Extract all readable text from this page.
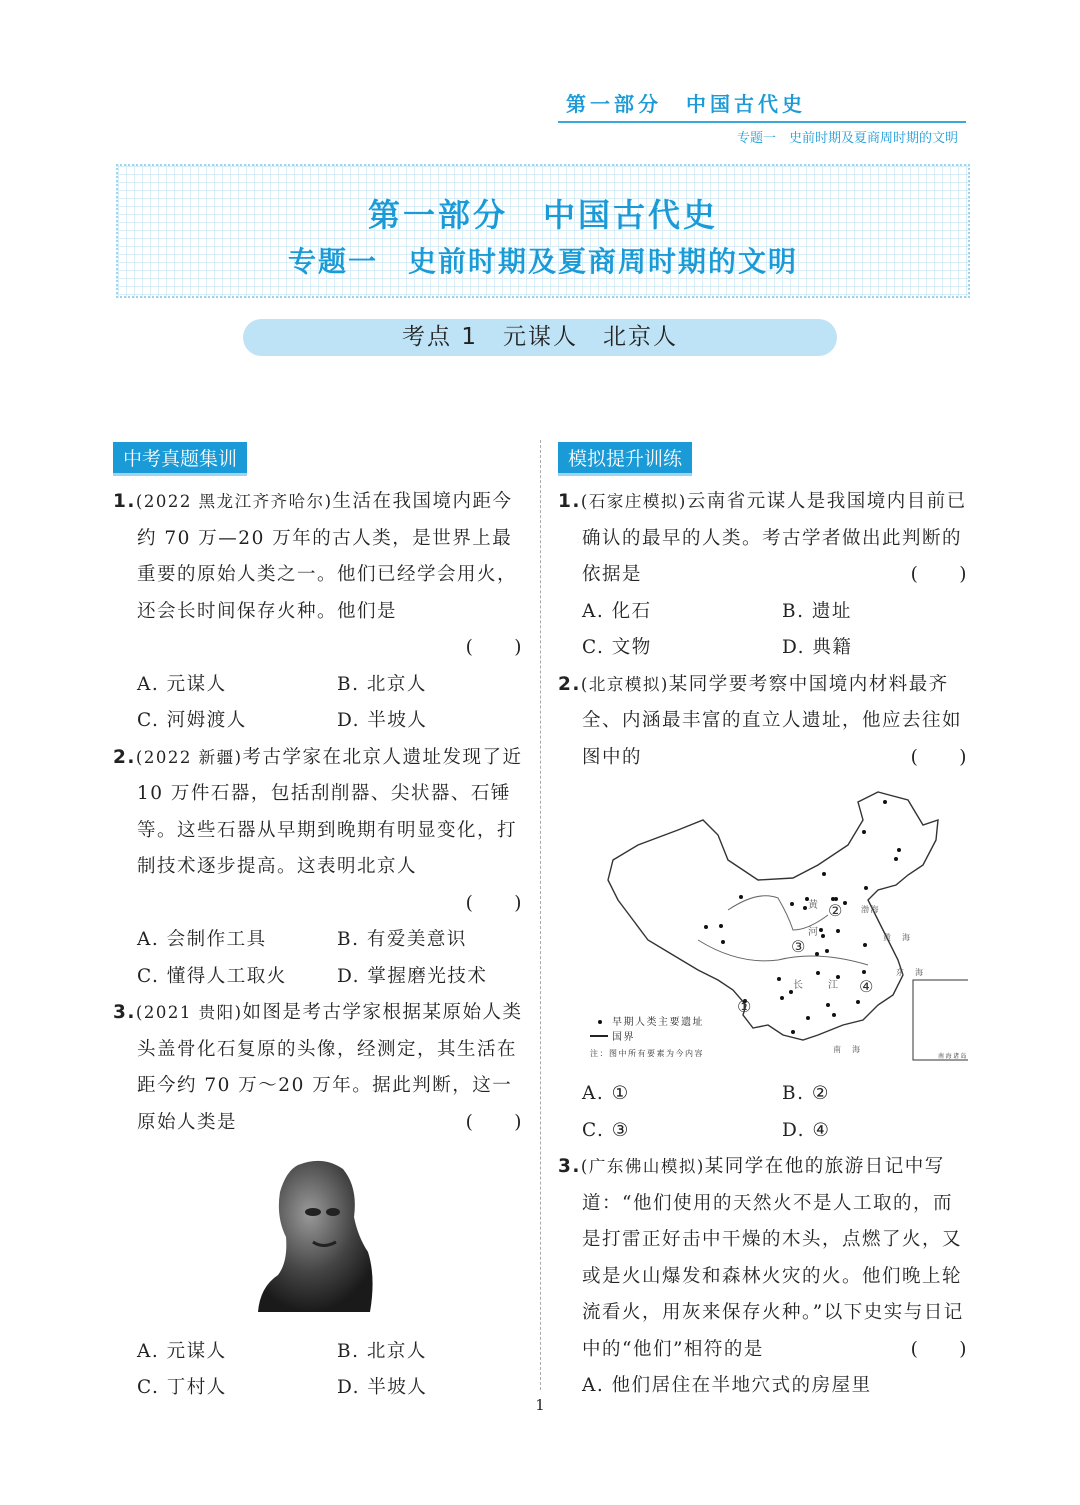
第一部分　中国古代史
专题一　史前时期及夏商周时期的文明
第一部分　中国古代史
专题一　史前时期及夏商周时期的文明
考点 1　元谋人　北京人
中考真题集训
1.(2022 黑龙江齐齐哈尔)生活在我国境内距今约 70 万—20 万年的古人类，是世界上最重要的原始人类之一。他们已经学会用火，还会长时间保存火种。他们是
(　　)
A. 元谋人	B. 北京人
C. 河姆渡人	D. 半坡人
2.(2022 新疆)考古学家在北京人遗址发现了近 10 万件石器，包括刮削器、尖状器、石锤等。这些石器从早期到晚期有明显变化，打制技术逐步提高。这表明北京人
(　　)
A. 会制作工具	B. 有爱美意识
C. 懂得人工取火	D. 掌握磨光技术
3.(2021 贵阳)如图是考古学家根据某原始人类头盖骨化石复原的头像，经测定，其生活在距今约 70 万～20 万年。据此判断，这一原始人类是	(　　)
A. 元谋人	B. 北京人
C. 丁村人	D. 半坡人
模拟提升训练
1.(石家庄模拟)云南省元谋人是我国境内目前已确认的最早的人类。考古学者做出此判断的依据是	(　　)
A. 化石	B. 遗址
C. 文物	D. 典籍
2.(北京模拟)某同学要考察中国境内材料最齐全、内涵最丰富的直立人遗址，他应去往如图中的	(　　)
黄
河
长 江
渤海
黄　海
东　海
南　海
①
②
③
④
南海诸岛
早期人类主要遗址
国界
注：图中所有要素为今内容
A. ①	B. ②
C. ③	D. ④
3.(广东佛山模拟)某同学在他的旅游日记中写道：“他们使用的天然火不是人工取的，而是打雷正好击中干燥的木头，点燃了火，又或是火山爆发和森林火灾的火。他们晚上轮流看火，用灰来保存火种。”以下史实与日记中的“他们”相符的是	(　　)
A. 他们居住在半地穴式的房屋里
1
